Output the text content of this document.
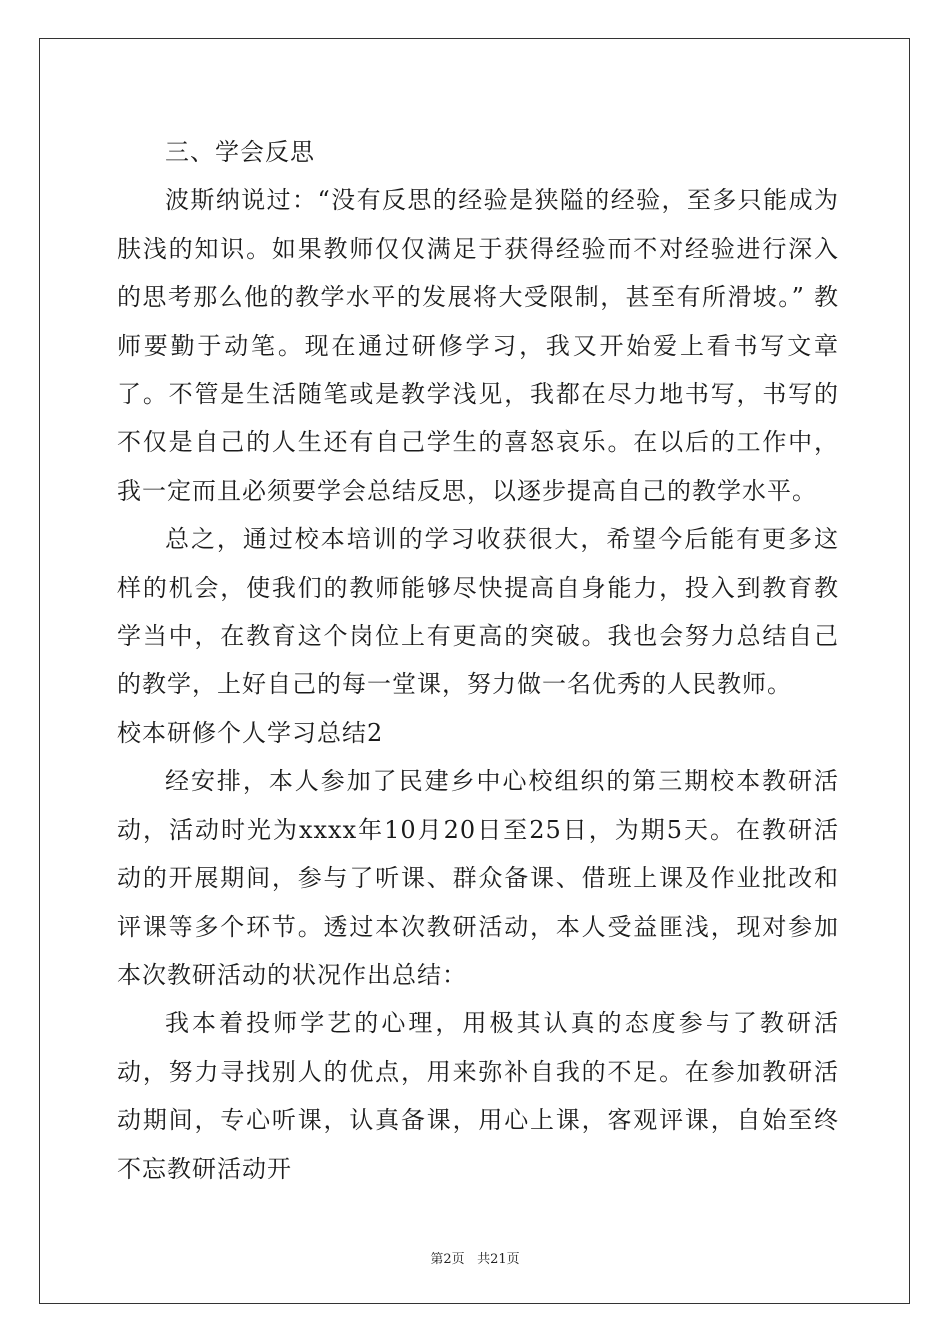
三、学会反思

波斯纳说过：“没有反思的经验是狭隘的经验，至多只能成为肤浅的知识。如果教师仅仅满足于获得经验而不对经验进行深入的思考那么他的教学水平的发展将大受限制，甚至有所滑坡。” 教师要勤于动笔。现在通过研修学习，我又开始爱上看书写文章了。不管是生活随笔或是教学浅见，我都在尽力地书写，书写的不仅是自己的人生还有自己学生的喜怒哀乐。在以后的工作中，我一定而且必须要学会总结反思，以逐步提高自己的教学水平。

总之，通过校本培训的学习收获很大，希望今后能有更多这样的机会，使我们的教师能够尽快提高自身能力，投入到教育教学当中，在教育这个岗位上有更高的突破。我也会努力总结自己的教学，上好自己的每一堂课，努力做一名优秀的人民教师。

校本研修个人学习总结2

经安排，本人参加了民建乡中心校组织的第三期校本教研活动，活动时光为xxxx年10月20日至25日，为期5天。在教研活动的开展期间，参与了听课、群众备课、借班上课及作业批改和评课等多个环节。透过本次教研活动，本人受益匪浅，现对参加本次教研活动的状况作出总结：

我本着投师学艺的心理，用极其认真的态度参与了教研活动，努力寻找别人的优点，用来弥补自我的不足。在参加教研活动期间，专心听课，认真备课，用心上课，客观评课，自始至终不忘教研活动开

第2页 共21页
